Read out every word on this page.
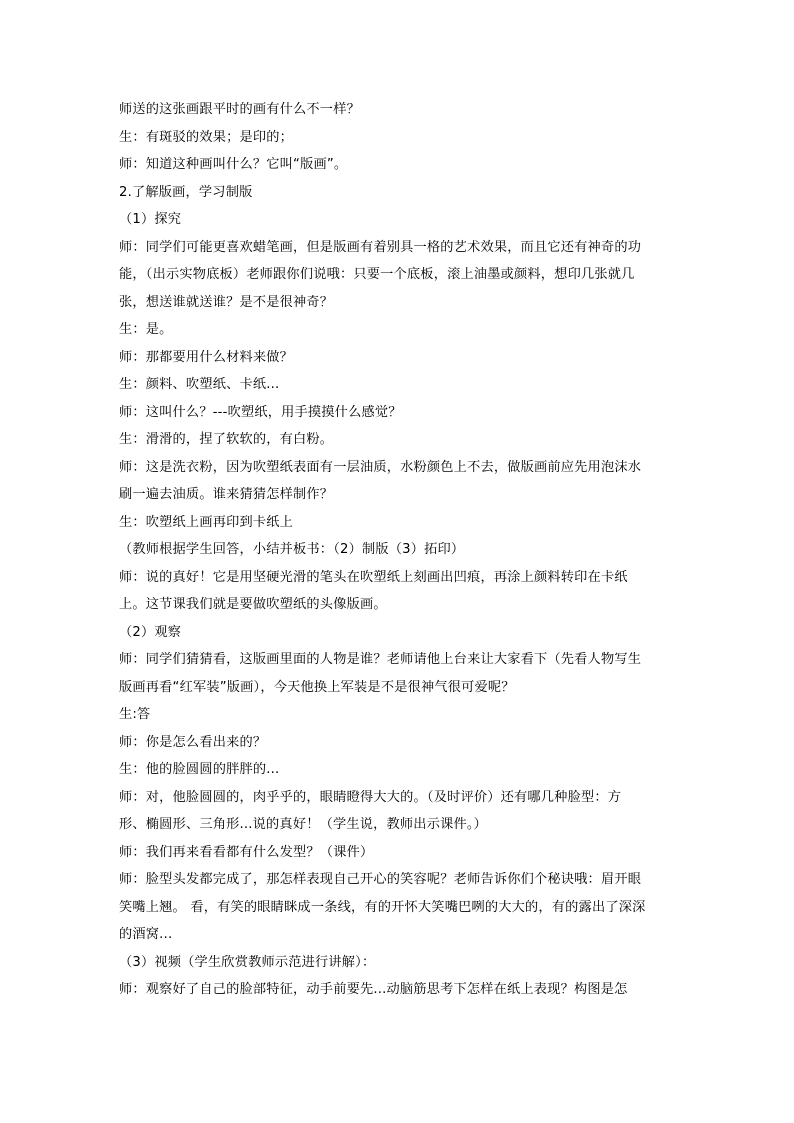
师送的这张画跟平时的画有什么不一样？
生：有斑驳的效果；是印的；
师：知道这种画叫什么？它叫“版画”。
2.了解版画，学习制版
（1）探究
师：同学们可能更喜欢蜡笔画，但是版画有着别具一格的艺术效果，而且它还有神奇的功
能，（出示实物底板）老师跟你们说哦：只要一个底板，滚上油墨或颜料，想印几张就几
张，想送谁就送谁？是不是很神奇？
生：是。
师：那都要用什么材料来做？
生：颜料、吹塑纸、卡纸...
师：这叫什么？---吹塑纸，用手摸摸什么感觉？
生：滑滑的，捏了软软的，有白粉。
师：这是洗衣粉，因为吹塑纸表面有一层油质，水粉颜色上不去，做版画前应先用泡沫水
刷一遍去油质。谁来猜猜怎样制作？
生：吹塑纸上画再印到卡纸上
（教师根据学生回答，小结并板书：（2）制版（3）拓印）
师：说的真好！它是用坚硬光滑的笔头在吹塑纸上刻画出凹痕，再涂上颜料转印在卡纸
上。这节课我们就是要做吹塑纸的头像版画。
（2）观察
师：同学们猜猜看，这版画里面的人物是谁？老师请他上台来让大家看下（先看人物写生
版画再看“红军装”版画），今天他换上军装是不是很神气很可爱呢？
生:答
师：你是怎么看出来的？
生：他的脸圆圆的胖胖的...
师：对，他脸圆圆的，肉乎乎的，眼睛瞪得大大的。（及时评价）还有哪几种脸型：方
形、椭圆形、三角形...说的真好！（学生说，教师出示课件。）
师：我们再来看看都有什么发型？（课件）
师：脸型头发都完成了，那怎样表现自己开心的笑容呢？老师告诉你们个秘诀哦：眉开眼
笑嘴上翘。 看，有笑的眼睛眯成一条线，有的开怀大笑嘴巴咧的大大的，有的露出了深深
的酒窝...
（3）视频（学生欣赏教师示范进行讲解）：
师：观察好了自己的脸部特征，动手前要先...动脑筋思考下怎样在纸上表现？构图是怎
